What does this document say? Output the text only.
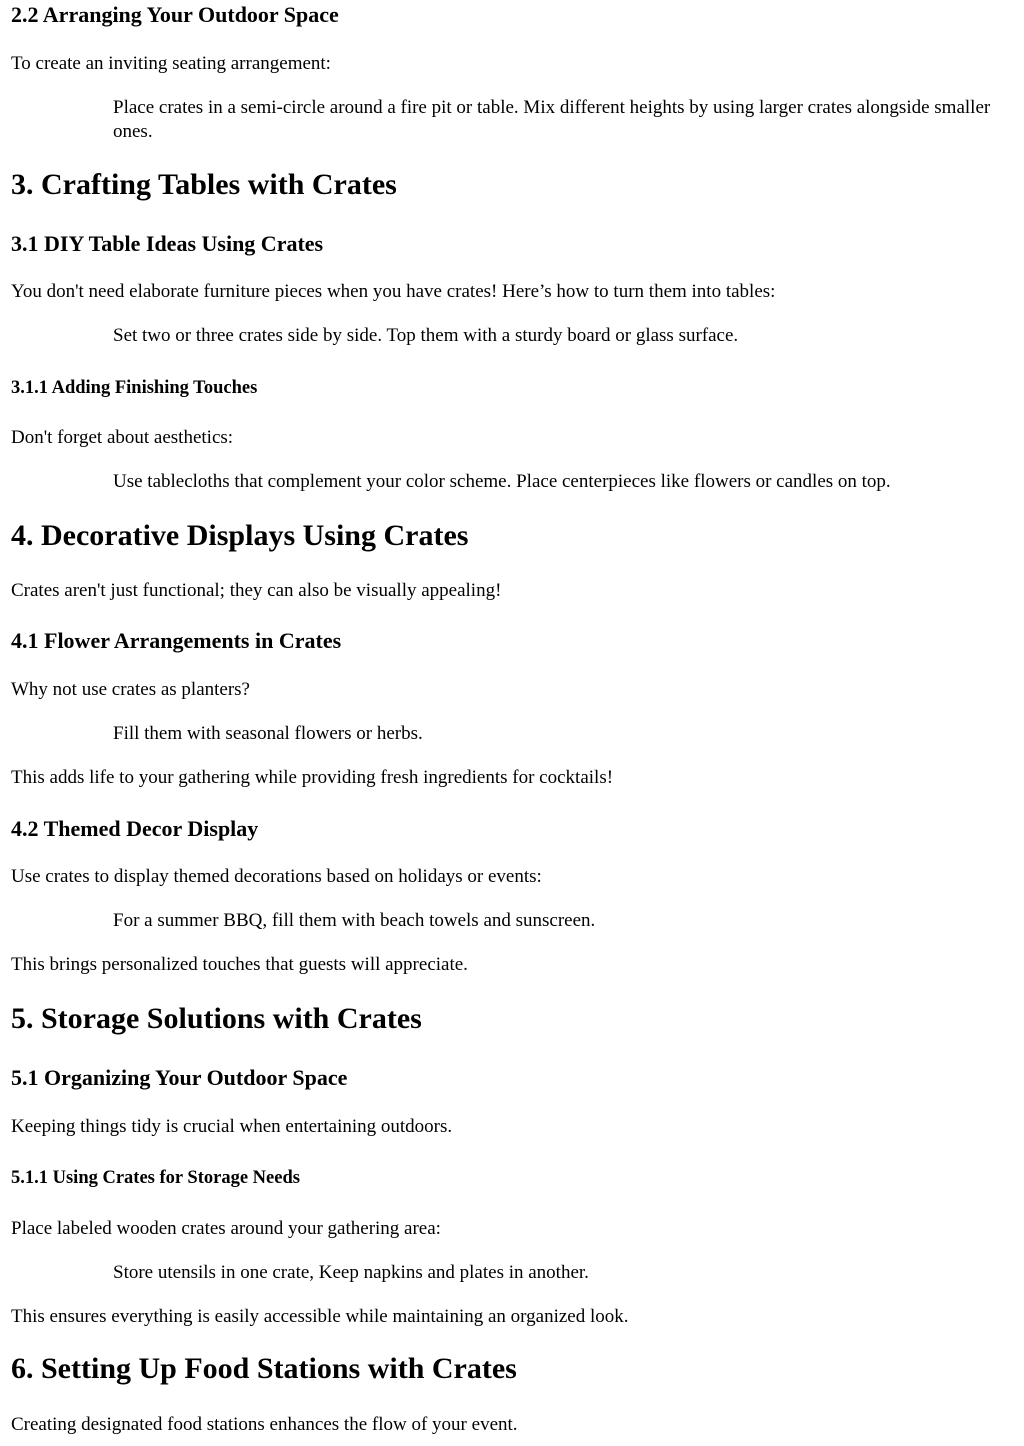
2.2 Arranging Your Outdoor Space

To create an inviting seating arrangement:

Place crates in a semi-circle around a fire pit or table. Mix different heights by using larger crates alongside smaller ones.

3. Crafting Tables with Crates
3.1 DIY Table Ideas Using Crates

You don't need elaborate furniture pieces when you have crates! Here’s how to turn them into tables:

Set two or three crates side by side. Top them with a sturdy board or glass surface.

3.1.1 Adding Finishing Touches

Don't forget about aesthetics:

Use tablecloths that complement your color scheme. Place centerpieces like flowers or candles on top.

4. Decorative Displays Using Crates

Crates aren't just functional; they can also be visually appealing!

4.1 Flower Arrangements in Crates

Why not use crates as planters?

Fill them with seasonal flowers or herbs.

This adds life to your gathering while providing fresh ingredients for cocktails!

4.2 Themed Decor Display

Use crates to display themed decorations based on holidays or events:

For a summer BBQ, fill them with beach towels and sunscreen.

This brings personalized touches that guests will appreciate.

5. Storage Solutions with Crates
5.1 Organizing Your Outdoor Space

Keeping things tidy is crucial when entertaining outdoors.

5.1.1 Using Crates for Storage Needs

Place labeled wooden crates around your gathering area:

Store utensils in one crate, Keep napkins and plates in another.

This ensures everything is easily accessible while maintaining an organized look.

6. Setting Up Food Stations with Crates

Creating designated food stations enhances the flow of your event.
